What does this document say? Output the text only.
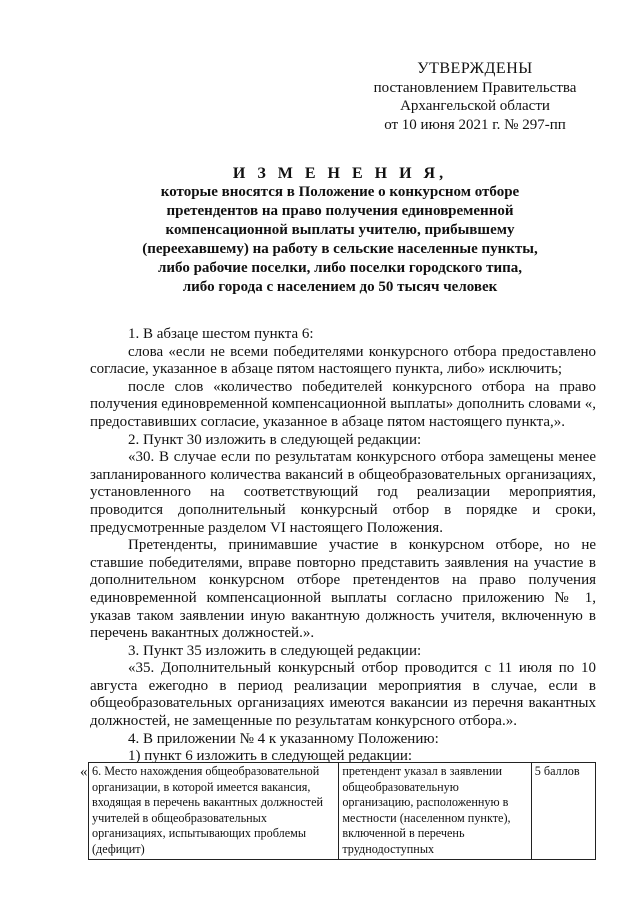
УТВЕРЖДЕНЫ
постановлением Правительства
Архангельской области
от 10 июня 2021 г. № 297-пп
И З М Е Н Е Н И Я,
которые вносятся в Положение о конкурсном отборе
претендентов на право получения единовременной
компенсационной выплаты учителю, прибывшему
(переехавшему) на работу в сельские населенные пункты,
либо рабочие поселки, либо поселки городского типа,
либо города с населением до 50 тысяч человек

1. В абзаце шестом пункта 6:

слова «если не всеми победителями конкурсного отбора предоставлено согласие, указанное в абзаце пятом настоящего пункта, либо» исключить;

после слов «количество победителей конкурсного отбора на право получения единовременной компенсационной выплаты» дополнить словами «, предоставивших согласие, указанное в абзаце пятом настоящего пункта,».

2. Пункт 30 изложить в следующей редакции:

«30. В случае если по результатам конкурсного отбора замещены менее запланированного количества вакансий в общеобразовательных организациях, установленного на соответствующий год реализации мероприятия, проводится дополнительный конкурсный отбор в порядке и сроки, предусмотренные разделом VI настоящего Положения.

Претенденты, принимавшие участие в конкурсном отборе, но не ставшие победителями, вправе повторно представить заявления на участие в дополнительном конкурсном отборе претендентов на право получения единовременной компенсационной выплаты согласно приложению № 1, указав таком заявлении иную вакантную должность учителя, включенную в перечень вакантных должностей.».

3. Пункт 35 изложить в следующей редакции:

«35. Дополнительный конкурсный отбор проводится с 11 июля по 10 августа ежегодно в период реализации мероприятия в случае, если в общеобразовательных организациях имеются вакансии из перечня вакантных должностей, не замещенные по результатам конкурсного отбора.».

4. В приложении № 4 к указанному Положению:

1) пункт 6 изложить в следующей редакции:

« 6. Место нахождения общеобразовательной организации, в которой имеется вакансия, входящая в перечень вакантных должностей учителей в общеобразовательных организациях, испытывающих проблемы (дефицит)	претендент указал в заявлении общеобразовательную организацию, расположенную в местности (населенном пункте), включенной в перечень труднодоступных	5 баллов
